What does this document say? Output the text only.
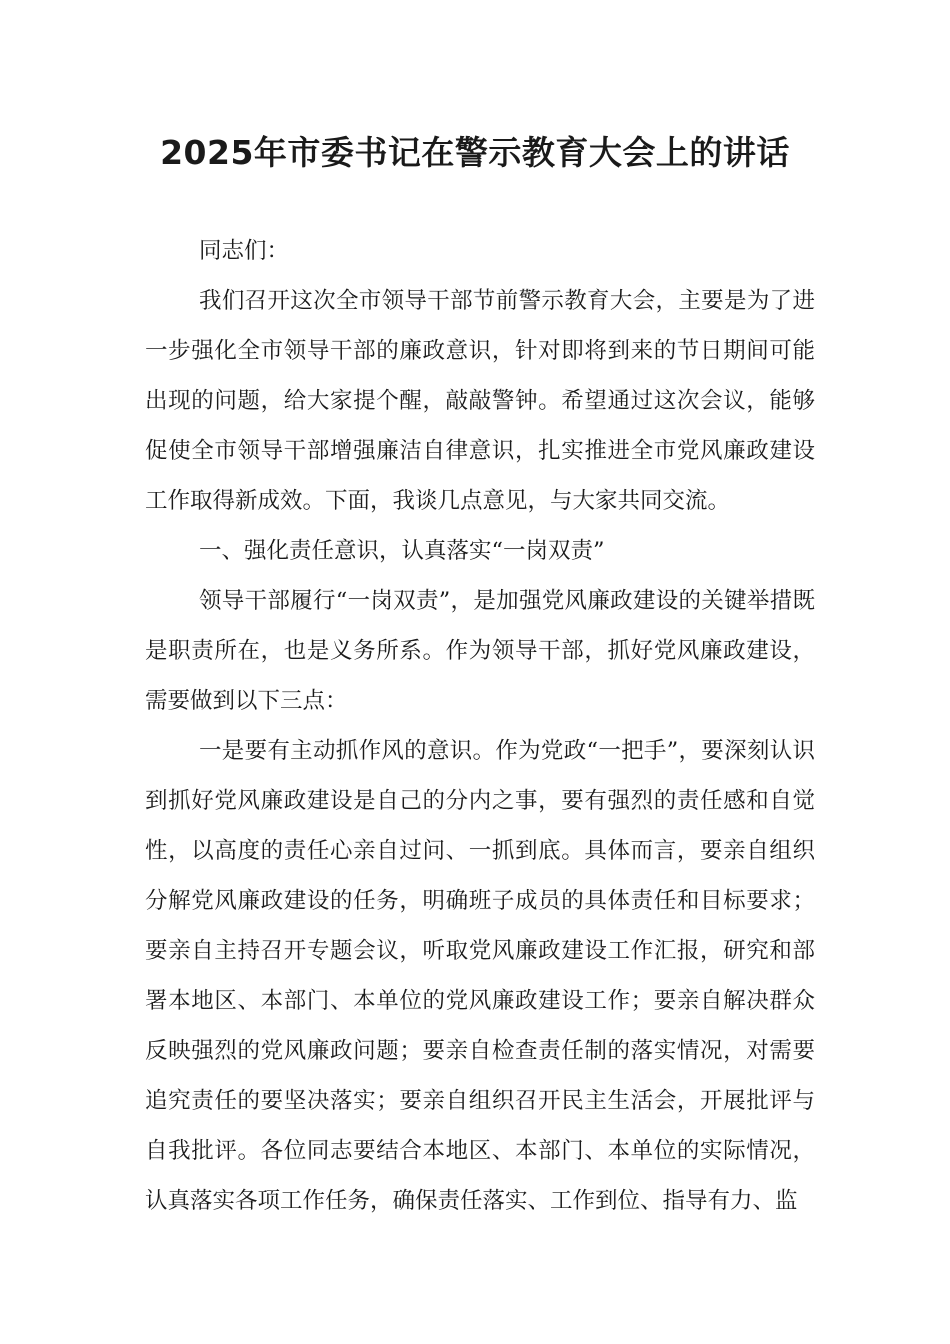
2025年市委书记在警示教育大会上的讲话

同志们：

我们召开这次全市领导干部节前警示教育大会，主要是为了进一步强化全市领导干部的廉政意识，针对即将到来的节日期间可能出现的问题，给大家提个醒，敲敲警钟。希望通过这次会议，能够促使全市领导干部增强廉洁自律意识，扎实推进全市党风廉政建设工作取得新成效。下面，我谈几点意见，与大家共同交流。

一、强化责任意识，认真落实“一岗双责”

领导干部履行“一岗双责”，是加强党风廉政建设的关键举措既是职责所在，也是义务所系。作为领导干部，抓好党风廉政建设，需要做到以下三点：

一是要有主动抓作风的意识。作为党政“一把手”，要深刻认识到抓好党风廉政建设是自己的分内之事，要有强烈的责任感和自觉性，以高度的责任心亲自过问、一抓到底。具体而言，要亲自组织分解党风廉政建设的任务，明确班子成员的具体责任和目标要求；要亲自主持召开专题会议，听取党风廉政建设工作汇报，研究和部署本地区、本部门、本单位的党风廉政建设工作；要亲自解决群众反映强烈的党风廉政问题；要亲自检查责任制的落实情况，对需要追究责任的要坚决落实；要亲自组织召开民主生活会，开展批评与自我批评。各位同志要结合本地区、本部门、本单位的实际情况，认真落实各项工作任务，确保责任落实、工作到位、指导有力、监
